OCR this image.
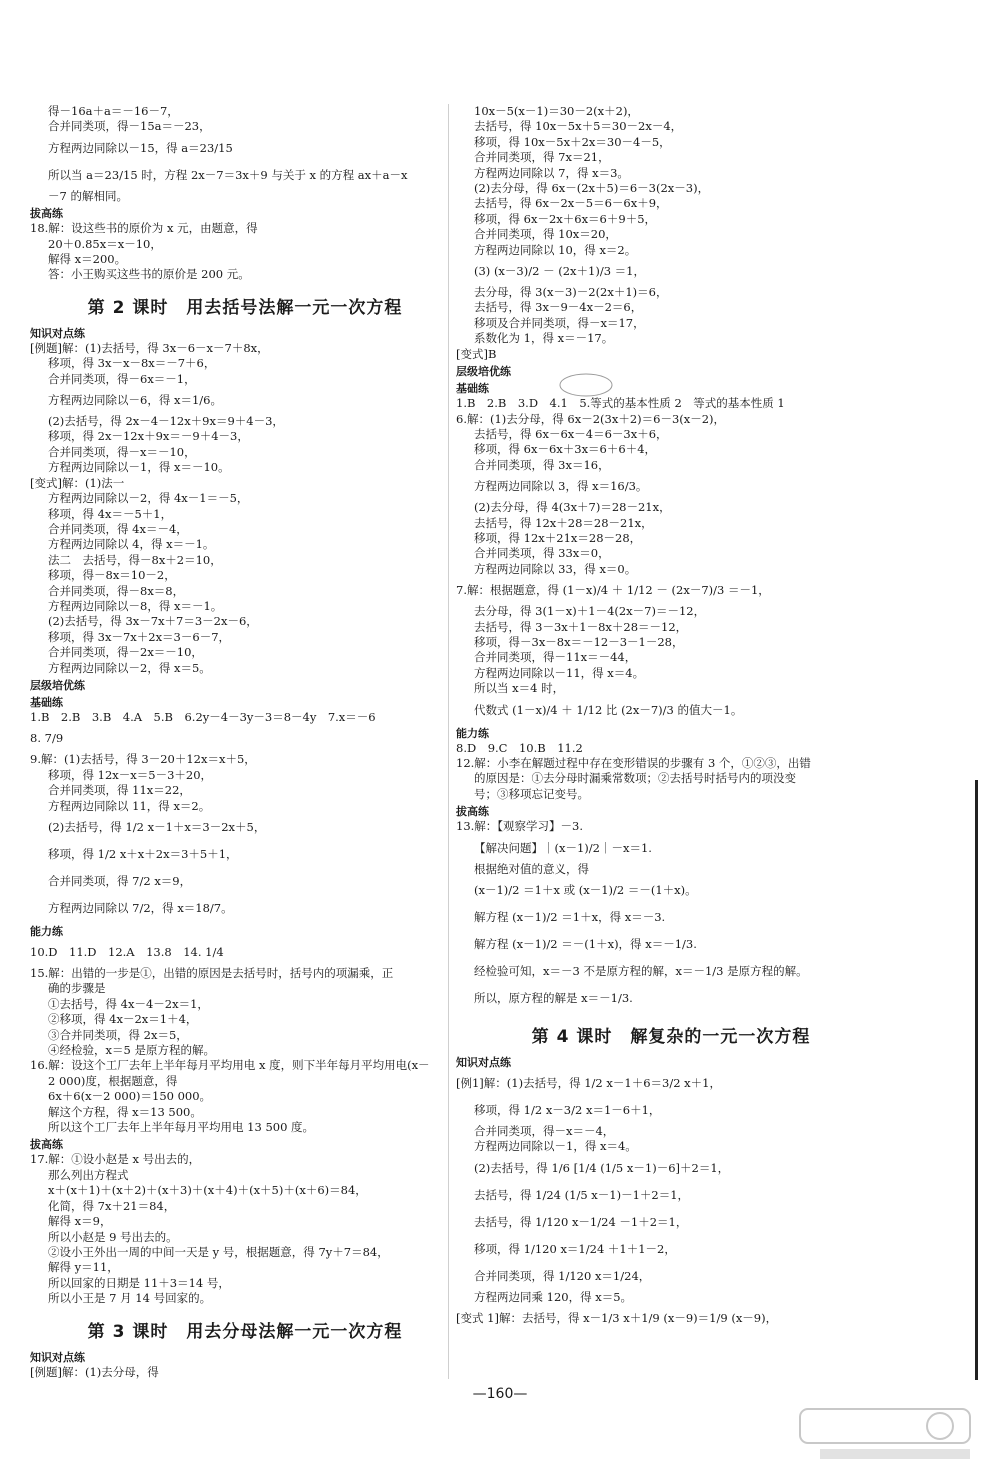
得－16a＋a＝－16－7，
合并同类项，得－15a＝－23，
方程两边同除以－15，得 a＝23/15
所以当 a＝23/15 时，方程 2x－7＝3x＋9 与关于 x 的方程 ax＋a－x
－7 的解相同。
拔高练
18.解：设这些书的原价为 x 元，由题意，得
20＋0.85x＝x－10，
解得 x＝200。
答：小王购买这些书的原价是 200 元。
第 2 课时　用去括号法解一元一次方程
知识对点练
[例题]解：(1)去括号，得 3x－6－x－7＋8x，
移项，得 3x－x－8x＝－7＋6，
合并同类项，得－6x＝－1，
方程两边同除以－6，得 x＝1/6。
(2)去括号，得 2x－4－12x＋9x＝9＋4－3，
移项，得 2x－12x＋9x＝－9＋4－3，
合并同类项，得－x＝－10，
方程两边同除以－1，得 x＝－10。
[变式]解：(1)法一
方程两边同除以－2，得 4x－1＝－5，
移项，得 4x＝－5＋1，
合并同类项，得 4x＝－4，
方程两边同除以 4，得 x＝－1。
法二　去括号，得－8x＋2＝10，
移项，得－8x＝10－2，
合并同类项，得－8x＝8，
方程两边同除以－8，得 x＝－1。
(2)去括号，得 3x－7x＋7＝3－2x－6，
移项，得 3x－7x＋2x＝3－6－7，
合并同类项，得－2x＝－10，
方程两边同除以－2，得 x＝5。
层级培优练
基础练
1.B　2.B　3.B　4.A　5.B　6.2y－4－3y－3＝8－4y　7.x＝－6
8. 7/9
9.解：(1)去括号，得 3－20＋12x＝x＋5，
移项，得 12x－x＝5－3＋20，
合并同类项，得 11x＝22，
方程两边同除以 11，得 x＝2。
(2)去括号，得 1/2 x－1＋x＝3－2x＋5，
移项，得 1/2 x＋x＋2x＝3＋5＋1，
合并同类项，得 7/2 x＝9，
方程两边同除以 7/2，得 x＝18/7。
能力练
10.D　11.D　12.A　13.8　14. 1/4
15.解：出错的一步是①，出错的原因是去括号时，括号内的项漏乘，正
确的步骤是
①去括号，得 4x－4－2x＝1，
②移项，得 4x－2x＝1＋4，
③合并同类项，得 2x＝5，
④经检验，x＝5 是原方程的解。
16.解：设这个工厂去年上半年每月平均用电 x 度，则下半年每月平均用电(x－
2 000)度，根据题意，得
6x＋6(x－2 000)＝150 000。
解这个方程，得 x＝13 500。
所以这个工厂去年上半年每月平均用电 13 500 度。
拔高练
17.解：①设小赵是 x 号出去的，
那么列出方程式
x＋(x＋1)＋(x＋2)＋(x＋3)＋(x＋4)＋(x＋5)＋(x＋6)＝84，
化简，得 7x＋21＝84，
解得 x＝9，
所以小赵是 9 号出去的。
②设小王外出一周的中间一天是 y 号，根据题意，得 7y＋7＝84，
解得 y＝11，
所以回家的日期是 11＋3＝14 号，
所以小王是 7 月 14 号回家的。
第 3 课时　用去分母法解一元一次方程
知识对点练
[例题]解：(1)去分母，得
10x－5(x－1)＝30－2(x＋2)，
去括号，得 10x－5x＋5＝30－2x－4，
移项，得 10x－5x＋2x＝30－4－5，
合并同类项，得 7x＝21，
方程两边同除以 7，得 x＝3。
(2)去分母，得 6x－(2x＋5)＝6－3(2x－3)，
去括号，得 6x－2x－5＝6－6x＋9，
移项，得 6x－2x＋6x＝6＋9＋5，
合并同类项，得 10x＝20，
方程两边同除以 10，得 x＝2。
(3) (x－3)/2 － (2x＋1)/3 ＝1，
去分母，得 3(x－3)－2(2x＋1)＝6，
去括号，得 3x－9－4x－2＝6，
移项及合并同类项，得－x＝17，
系数化为 1，得 x＝－17。
[变式]B
层级培优练
基础练
1.B　2.B　3.D　4.1　5.等式的基本性质 2　等式的基本性质 1
6.解：(1)去分母，得 6x－2(3x＋2)＝6－3(x－2)，
去括号，得 6x－6x－4＝6－3x＋6，
移项，得 6x－6x＋3x＝6＋6＋4，
合并同类项，得 3x＝16，
方程两边同除以 3，得 x＝16/3。
(2)去分母，得 4(3x＋7)＝28－21x，
去括号，得 12x＋28＝28－21x，
移项，得 12x＋21x＝28－28，
合并同类项，得 33x＝0，
方程两边同除以 33，得 x＝0。
7.解：根据题意，得 (1－x)/4 ＋ 1/12 － (2x－7)/3 ＝－1，
去分母，得 3(1－x)＋1－4(2x－7)＝－12，
去括号，得 3－3x＋1－8x＋28＝－12，
移项，得－3x－8x＝－12－3－1－28，
合并同类项，得－11x＝－44，
方程两边同除以－11，得 x＝4。
所以当 x＝4 时，
代数式 (1－x)/4 ＋ 1/12 比 (2x－7)/3 的值大－1。
能力练
8.D　9.C　10.B　11.2
12.解：小李在解题过程中存在变形错误的步骤有 3 个，①②③，出错
的原因是：①去分母时漏乘常数项；②去括号时括号内的项没变
号；③移项忘记变号。
拔高练
13.解：【观察学习】－3.
【解决问题】｜(x－1)/2｜－x＝1.
根据绝对值的意义，得
(x－1)/2 ＝1＋x 或 (x－1)/2 ＝－(1＋x)。
解方程 (x－1)/2 ＝1＋x，得 x＝－3.
解方程 (x－1)/2 ＝－(1＋x)，得 x＝－1/3.
经检验可知，x＝－3 不是原方程的解，x＝－1/3 是原方程的解。
所以，原方程的解是 x＝－1/3.
第 4 课时　解复杂的一元一次方程
知识对点练
[例1]解：(1)去括号，得 1/2 x－1＋6＝3/2 x＋1，
移项，得 1/2 x－3/2 x＝1－6＋1，
合并同类项，得－x＝－4，
方程两边同除以－1，得 x＝4。
(2)去括号，得 1/6 [1/4 (1/5 x－1)－6]＋2＝1，
去括号，得 1/24 (1/5 x－1)－1＋2＝1，
去括号，得 1/120 x－1/24 －1＋2＝1，
移项，得 1/120 x＝1/24 ＋1＋1－2，
合并同类项，得 1/120 x＝1/24，
方程两边同乘 120，得 x＝5。
[变式 1]解：去括号，得 x－1/3 x＋1/9 (x－9)＝1/9 (x－9)，
—160—
